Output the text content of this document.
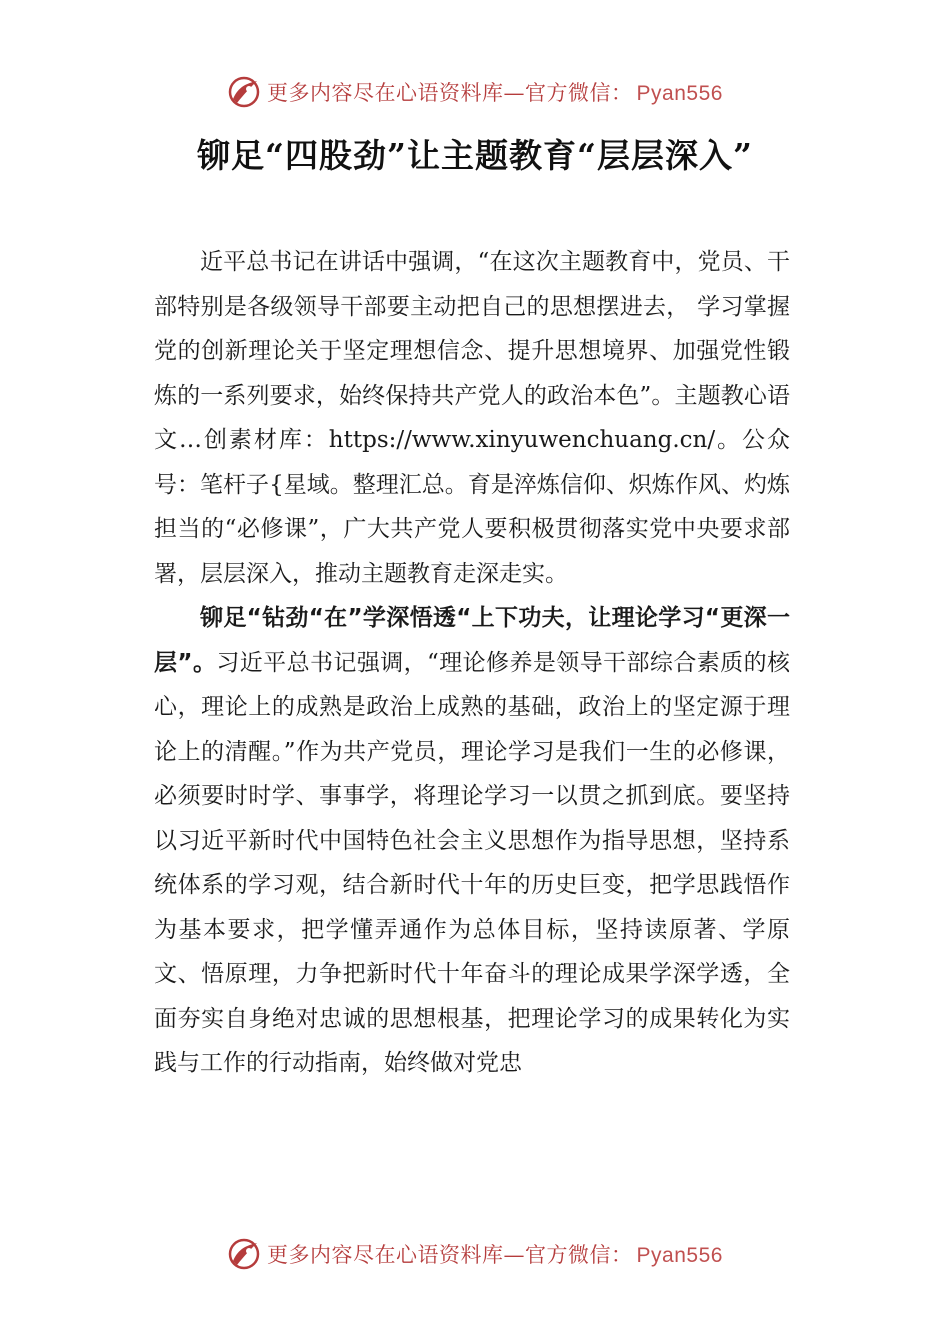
更多内容尽在心语资料库—官方微信： Pyan556
铆足“四股劲”让主题教育“层层深入”

近平总书记在讲话中强调，“在这次主题教育中，党员、干部特别是各级领导干部要主动把自己的思想摆进去， 学习掌握党的创新理论关于坚定理想信念、提升思想境界、加强党性锻炼的一系列要求，始终保持共产党人的政治本色”。主题教心语文…创素材库：https://www.xinyuwenchuang.cn/。公众号：笔杆子{星域。整理汇总。育是淬炼信仰、炽炼作风、灼炼担当的“必修课”，广大共产党人要积极贯彻落实党中央要求部署，层层深入，推动主题教育走深走实。

铆足“钻劲“在”学深悟透“上下功夫，让理论学习“更深一层”。习近平总书记强调，“理论修养是领导干部综合素质的核心，理论上的成熟是政治上成熟的基础，政治上的坚定源于理论上的清醒。”作为共产党员，理论学习是我们一生的必修课，必须要时时学、事事学，将理论学习一以贯之抓到底。要坚持以习近平新时代中国特色社会主义思想作为指导思想，坚持系统体系的学习观，结合新时代十年的历史巨变，把学思践悟作为基本要求，把学懂弄通作为总体目标，坚持读原著、学原文、悟原理，力争把新时代十年奋斗的理论成果学深学透，全面夯实自身绝对忠诚的思想根基，把理论学习的成果转化为实践与工作的行动指南，始终做对党忠

更多内容尽在心语资料库—官方微信： Pyan556
